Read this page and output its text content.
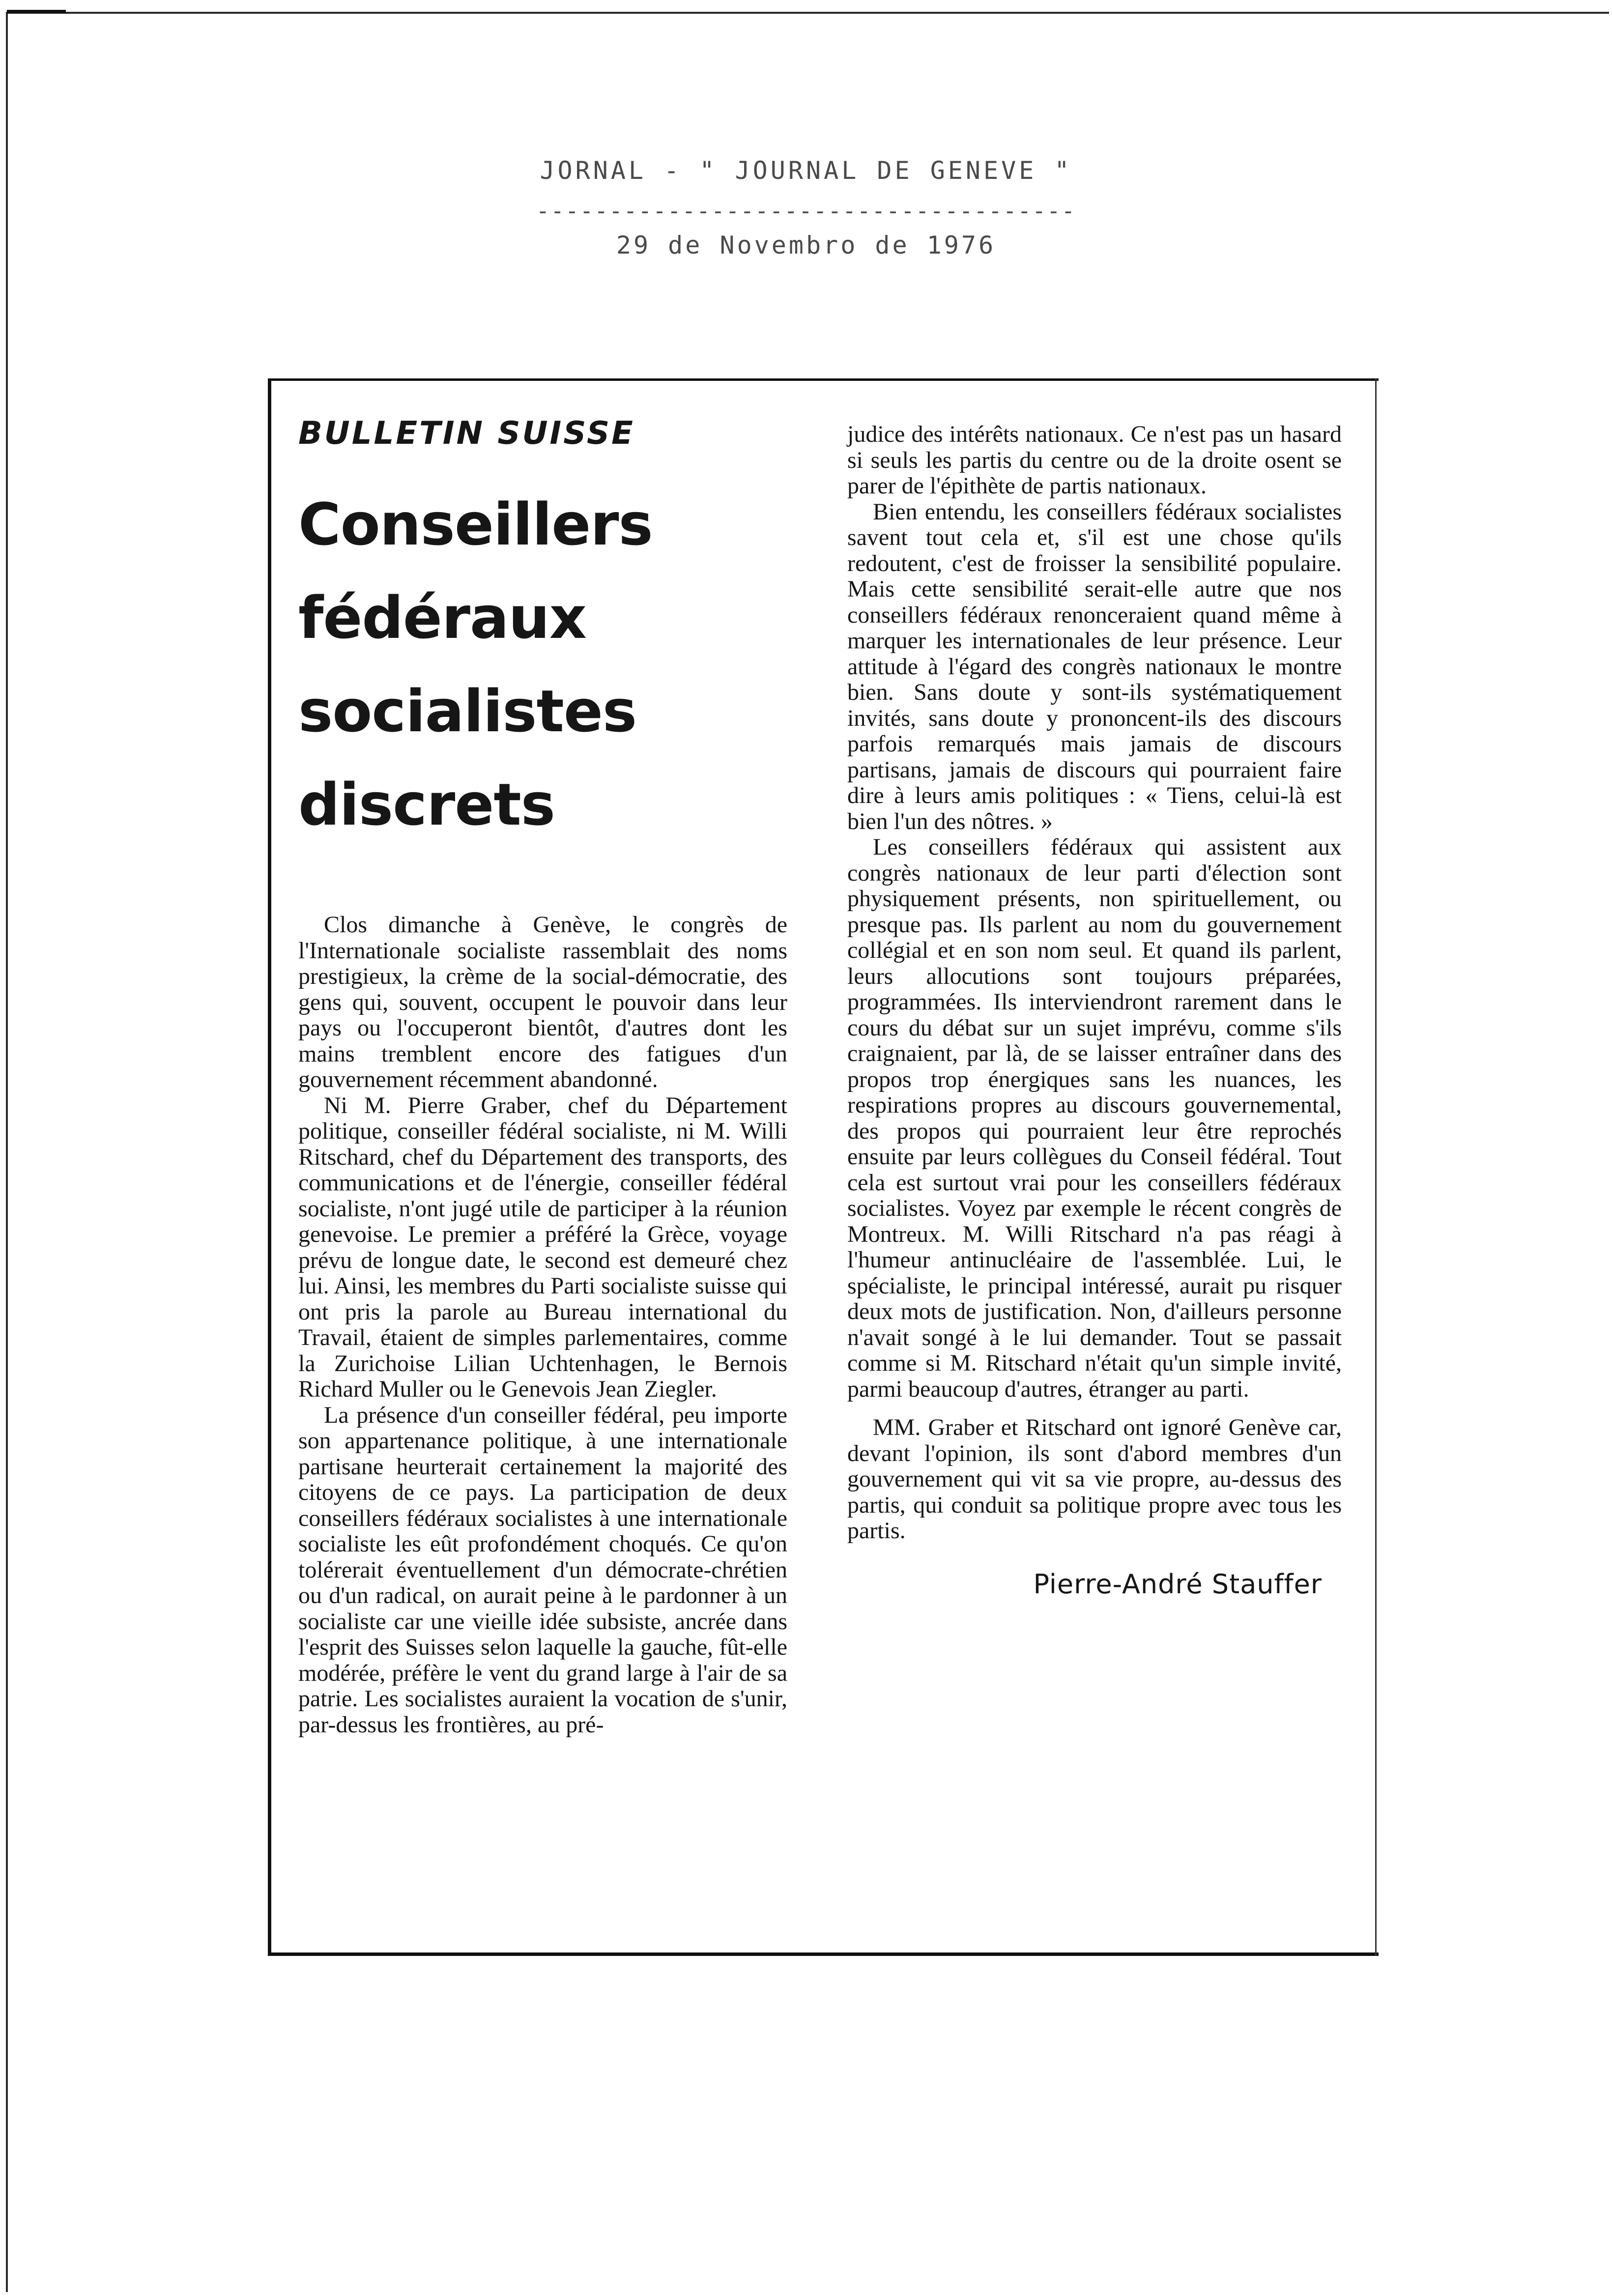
JORNAL - " JOURNAL DE GENEVE "
-------------------------------------
29 de Novembro de 1976
BULLETIN SUISSE
Conseillers
fédéraux
socialistes
discrets

Clos dimanche à Genève, le congrès de l'Internationale socialiste rassemblait des noms prestigieux, la crème de la social-démocratie, des gens qui, souvent, occupent le pouvoir dans leur pays ou l'occuperont bientôt, d'autres dont les mains tremblent encore des fatigues d'un gouvernement récemment abandonné.

Ni M. Pierre Graber, chef du Département politique, conseiller fédéral socialiste, ni M. Willi Ritschard, chef du Département des transports, des communications et de l'énergie, conseiller fédéral socialiste, n'ont jugé utile de participer à la réunion genevoise. Le premier a préféré la Grèce, voyage prévu de longue date, le second est demeuré chez lui. Ainsi, les membres du Parti socialiste suisse qui ont pris la parole au Bureau international du Travail, étaient de simples parlementaires, comme la Zurichoise Lilian Uchtenhagen, le Bernois Richard Muller ou le Genevois Jean Ziegler.

La présence d'un conseiller fédéral, peu importe son appartenance politique, à une internationale partisane heurterait certainement la majorité des citoyens de ce pays. La participation de deux conseillers fédéraux socialistes à une internationale socialiste les eût profondément choqués. Ce qu'on tolérerait éventuellement d'un démocrate-chrétien ou d'un radical, on aurait peine à le pardonner à un socialiste car une vieille idée subsiste, ancrée dans l'esprit des Suisses selon laquelle la gauche, fût-elle modérée, préfère le vent du grand large à l'air de sa patrie. Les socialistes auraient la vocation de s'unir, par-dessus les frontières, au pré-

judice des intérêts nationaux. Ce n'est pas un hasard si seuls les partis du centre ou de la droite osent se parer de l'épithète de partis nationaux.

Bien entendu, les conseillers fédéraux socialistes savent tout cela et, s'il est une chose qu'ils redoutent, c'est de froisser la sensibilité populaire. Mais cette sensibilité serait-elle autre que nos conseillers fédéraux renonceraient quand même à marquer les internationales de leur présence. Leur attitude à l'égard des congrès nationaux le montre bien. Sans doute y sont-ils systématiquement invités, sans doute y prononcent-ils des discours parfois remarqués mais jamais de discours partisans, jamais de discours qui pourraient faire dire à leurs amis politiques : « Tiens, celui-là est bien l'un des nôtres. »

Les conseillers fédéraux qui assistent aux congrès nationaux de leur parti d'élection sont physiquement présents, non spirituellement, ou presque pas. Ils parlent au nom du gouvernement collégial et en son nom seul. Et quand ils parlent, leurs allocutions sont toujours préparées, programmées. Ils interviendront rarement dans le cours du débat sur un sujet imprévu, comme s'ils craignaient, par là, de se laisser entraîner dans des propos trop énergiques sans les nuances, les respirations propres au discours gouvernemental, des propos qui pourraient leur être reprochés ensuite par leurs collègues du Conseil fédéral. Tout cela est surtout vrai pour les conseillers fédéraux socialistes. Voyez par exemple le récent congrès de Montreux. M. Willi Ritschard n'a pas réagi à l'humeur antinucléaire de l'assemblée. Lui, le spécialiste, le principal intéressé, aurait pu risquer deux mots de justification. Non, d'ailleurs personne n'avait songé à le lui demander. Tout se passait comme si M. Ritschard n'était qu'un simple invité, parmi beaucoup d'autres, étranger au parti.

MM. Graber et Ritschard ont ignoré Genève car, devant l'opinion, ils sont d'abord membres d'un gouvernement qui vit sa vie propre, au-dessus des partis, qui conduit sa politique propre avec tous les partis.

Pierre-André Stauffer
